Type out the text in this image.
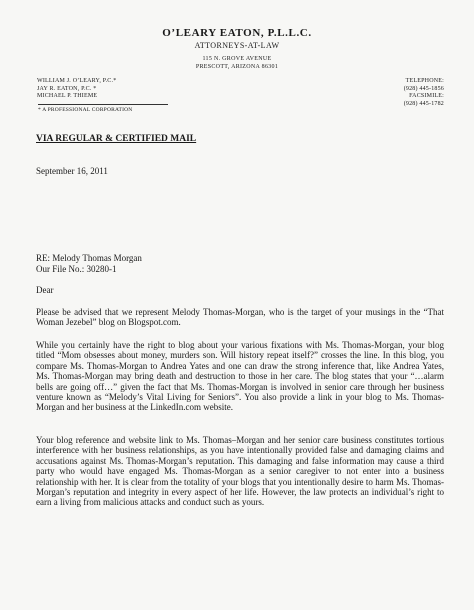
O’LEARY EATON, P.L.L.C.
ATTORNEYS-AT-LAW
115 N. GROVE AVENUE
PRESCOTT, ARIZONA 86301
WILLIAM J. O’LEARY, P.C.*
JAY R. EATON, P.C. *
MICHAEL P. THIEME
TELEPHONE:
(928) 445-1856
FACSIMILE:
(928) 445-1782
* A PROFESSIONAL CORPORATION
VIA REGULAR & CERTIFIED MAIL
September 16, 2011
RE: Melody Thomas Morgan
Our File No.: 30280-1
Dear
Please be advised that we represent Melody Thomas-Morgan, who is the target of your musings in the “That Woman Jezebel” blog on Blogspot.com.
While you certainly have the right to blog about your various fixations with Ms. Thomas-Morgan, your blog titled “Mom obsesses about money, murders son. Will history repeat itself?” crosses the line. In this blog, you compare Ms. Thomas-Morgan to Andrea Yates and one can draw the strong inference that, like Andrea Yates, Ms. Thomas-Morgan may bring death and destruction to those in her care. The blog states that your “…alarm bells are going off…” given the fact that Ms. Thomas-Morgan is involved in senior care through her business venture known as “Melody’s Vital Living for Seniors”. You also provide a link in your blog to Ms. Thomas-Morgan and her business at the LinkedIn.com website.
Your blog reference and website link to Ms. Thomas–Morgan and her senior care business constitutes tortious interference with her business relationships, as you have intentionally provided false and damaging claims and accusations against Ms. Thomas-Morgan’s reputation. This damaging and false information may cause a third party who would have engaged Ms. Thomas-Morgan as a senior caregiver to not enter into a business relationship with her. It is clear from the totality of your blogs that you intentionally desire to harm Ms. Thomas-Morgan’s reputation and integrity in every aspect of her life. However, the law protects an individual’s right to earn a living from malicious attacks and conduct such as yours.
